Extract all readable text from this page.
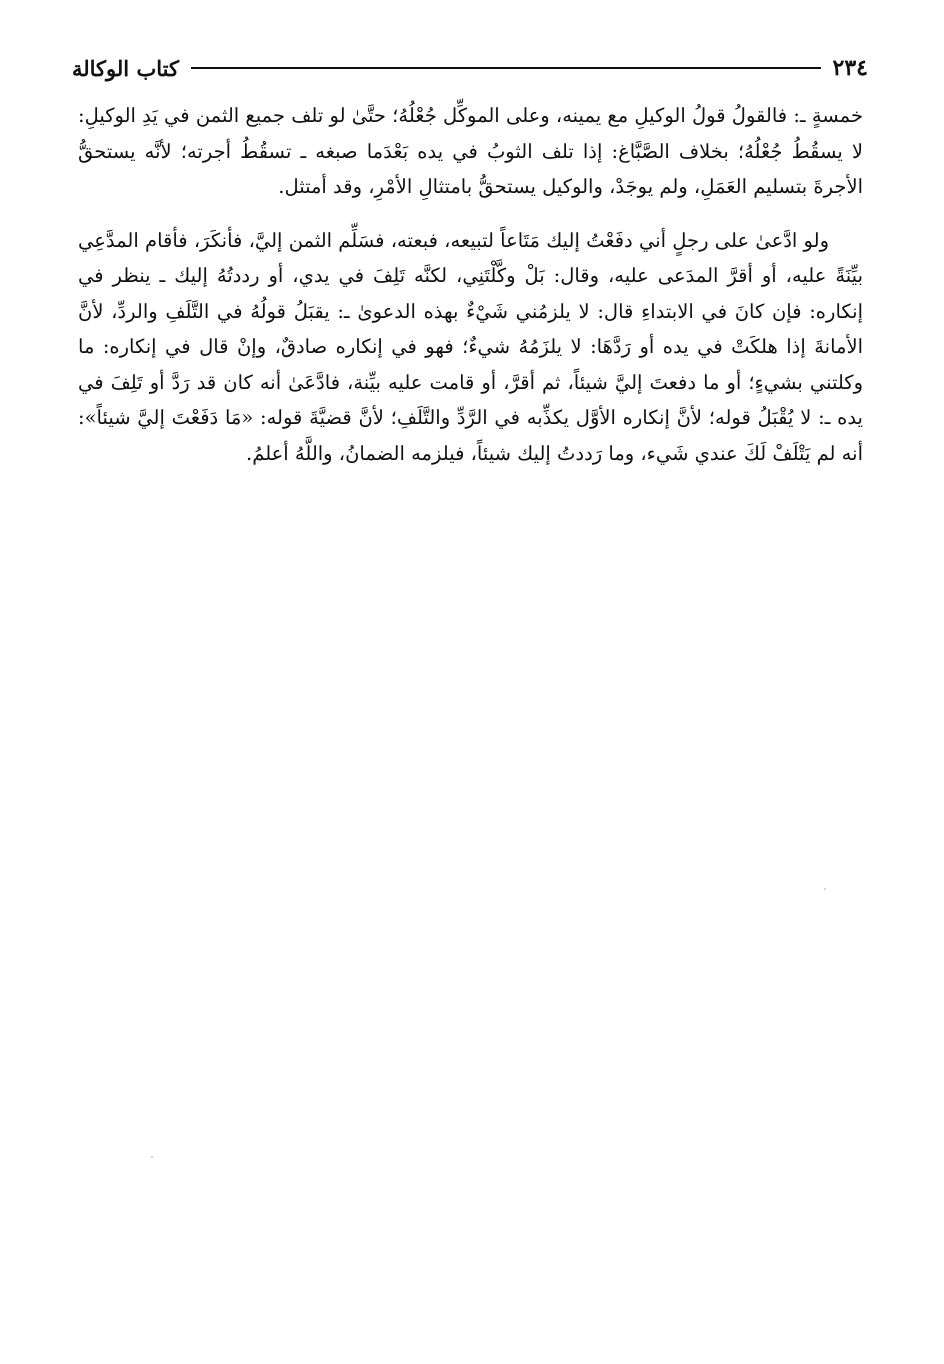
٢٣٤
كتاب الوكالة

خمسةٍ ـ: فالقولُ قولُ الوكيلِ مع يمينه، وعلى الموكِّل جُعْلُهُ؛ حتَّىٰ لو تلف جميع الثمن في يَدِ الوكيلِ: لا يسقُطُ جُعْلُهُ؛ بخلاف الصَّبَّاغ: إذا تلف الثوبُ في يده بَعْدَما صبغه ـ تسقُطُ أجرته؛ لأنَّه يستحقُّ الأجرةَ بتسليم العَمَلِ، ولم يوجَدْ، والوكيل يستحقُّ بامتثالِ الأمْرِ، وقد أمتثل.

ولو ادَّعىٰ على رجلٍ أني دفَعْتُ إليك مَتَاعاً لتبيعه، فبعته، فسَلِّم الثمن إليَّ، فأنكَرَ، فأقام المدَّعِي بيِّنَةً عليه، أو أقرَّ المدَعى عليه، وقال: بَلْ وكَّلْتَنِي، لكنَّه تَلِفَ في يدي، أو رددتُهُ إليك ـ ينظر في إنكاره: فإن كانَ في الابتداءِ قال: لا يلزمُني شَيْءٌ بهذه الدعوىٰ ـ: يقبَلُ قولُهُ في التَّلَفِ والردِّ، لأنَّ الأمانةَ إذا هلكَتْ في يده أو رَدَّهَا: لا يلزَمُهُ شيءٌ؛ فهو في إنكاره صادقٌ، وإنْ قال في إنكاره: ما وكلتني بشيءٍ؛ أو ما دفعتَ إليَّ شيئاً، ثم أقرَّ، أو قامت عليه بيِّنة، فادَّعَىٰ أنه كان قد رَدَّ أو تَلِفَ في يده ـ: لا يُقْبَلُ قوله؛ لأنَّ إنكاره الأوَّل يكذِّبه في الرَّدِّ والتَّلَفِ؛ لأنَّ قضيَّةَ قوله: «مَا دَفَعْتَ إليَّ شيئاً»: أنه لم يَتْلَفْ لَكَ عندي شَيء، وما رَددتُ إليك شيئاً، فيلزمه الضمانُ، واللَّهُ أعلمُ.
